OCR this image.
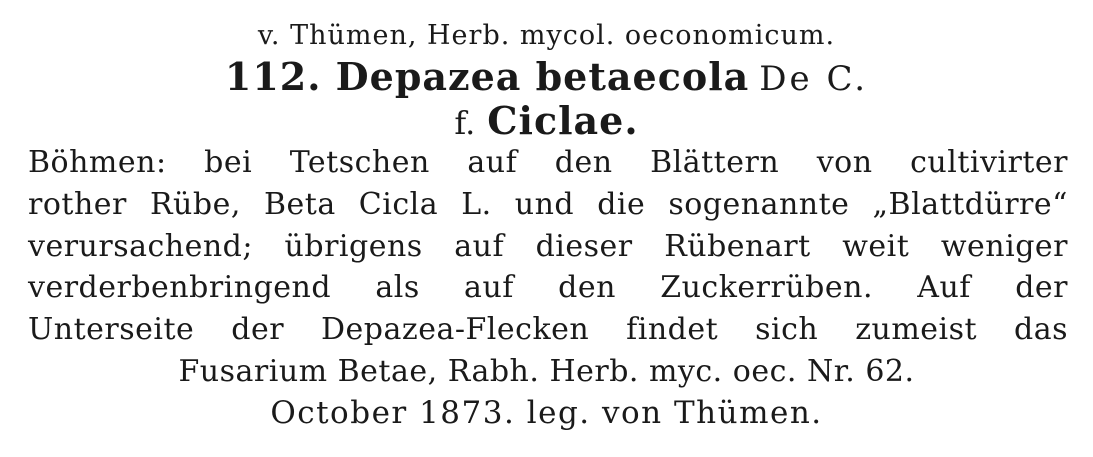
v. Thümen, Herb. mycol. oeconomicum.
112. Depazea betaecola De C.
f. Ciclae.
Böhmen: bei Tetschen auf den Blättern von cultivirter
rother Rübe, Beta Cicla L. und die sogenannte „Blattdürre“
verursachend; übrigens auf dieser Rübenart weit weniger
verderbenbringend als auf den Zuckerrüben. Auf der
Unterseite der Depazea-Flecken findet sich zumeist das
Fusarium Betae, Rabh. Herb. myc. oec. Nr. 62.
October 1873. leg. von Thümen.
